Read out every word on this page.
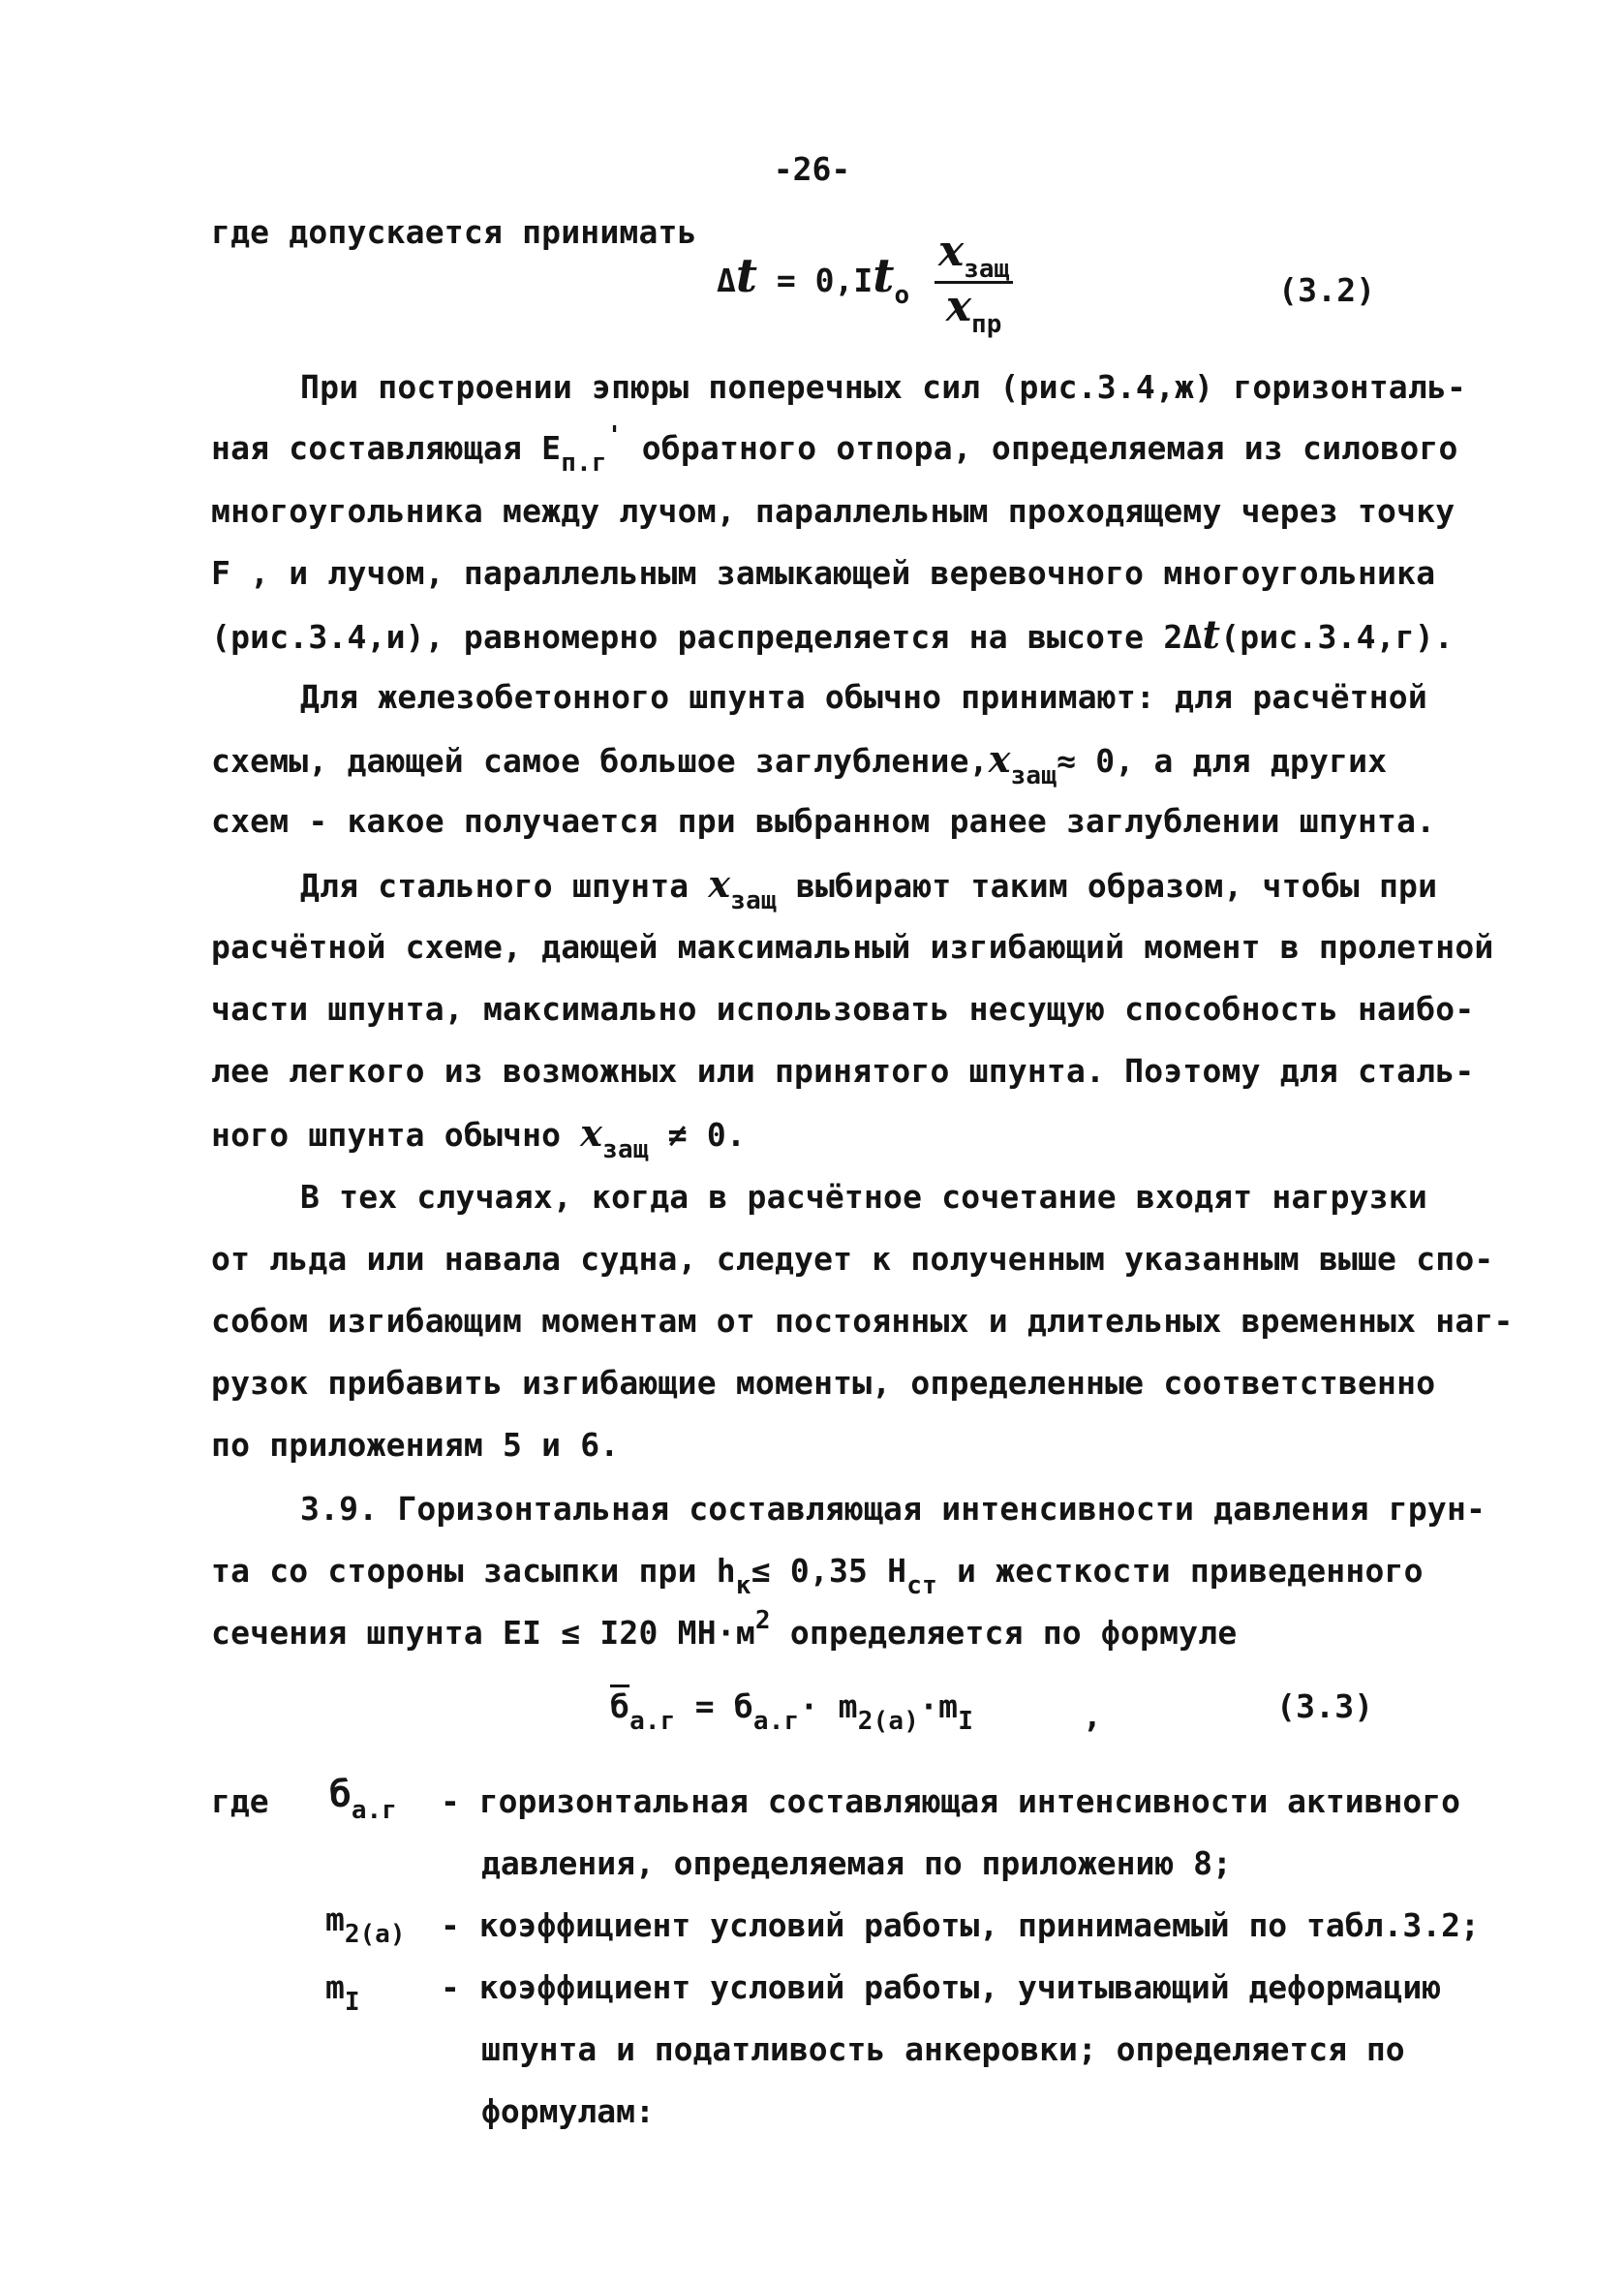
-26-
где допускается принимать
$\Delta t = 0,It_o \frac{x_{защ}}{x_{пр}}$	(3.2)
При построении эпюры поперечных сил (рис.3.4,ж) горизонталь-
ная составляющая $E_{п.г}'$ обратного отпора, определяемая из силового
многоугольника между лучом, параллельным проходящему через точку
F , и лучом, параллельным замыкающей веревочного многоугольника
(рис.3.4,и), равномерно распределяется на высоте 2Δt(рис.3.4,г).
Для железобетонного шпунта обычно принимают: для расчётной
схемы, дающей самое большое $заглубление,x_{защ}\approx 0$, а для других
схем - какое получается при выбранном ранее заглублении шпунта.
Для стального шпунта $x_{защ}$ выбирают таким образом, чтобы при
расчётной схеме, дающей максимальный изгибающий момент в пролетной
части шпунта, максимально использовать несущую способность наибо-
лее легкого из возможных или принятого шпунта. Поэтому для сталь-
ного шпунта обычно $x_{защ} \ne 0$.
В тех случаях, когда в расчётное сочетание входят нагрузки
от льда или навала судна, следует к полученным указанным выше спо-
собом изгибающим моментам от постоянных и длительных временных наг-
рузок прибавить изгибающие моменты, определенные соответственно
по приложениям 5 и 6.
3.9. Горизонтальная составляющая интенсивности давления грун-
та со стороны засыпки при $h_к\le 0,35$ $H_{ст}$ и жесткости приведенного
сечения шпунта EI ≤ I20 $MH\cdot м^2$ определяется по формуле
$б_{а.г} = б_{а.г}\cdot m_{2(a)}\cdot m_I$	,	(3.3)
где $б_{а.г}$ - горизонтальная составляющая интенсивности активного
давления, определяемая по приложению 8;
$m_{2(a)}$ - коэффициент условий работы, принимаемый по табл.3.2;
$m_I$	- коэффициент условий работы, учитывающий деформацию
шпунта и податливость анкеровки; определяется по
формулам:
